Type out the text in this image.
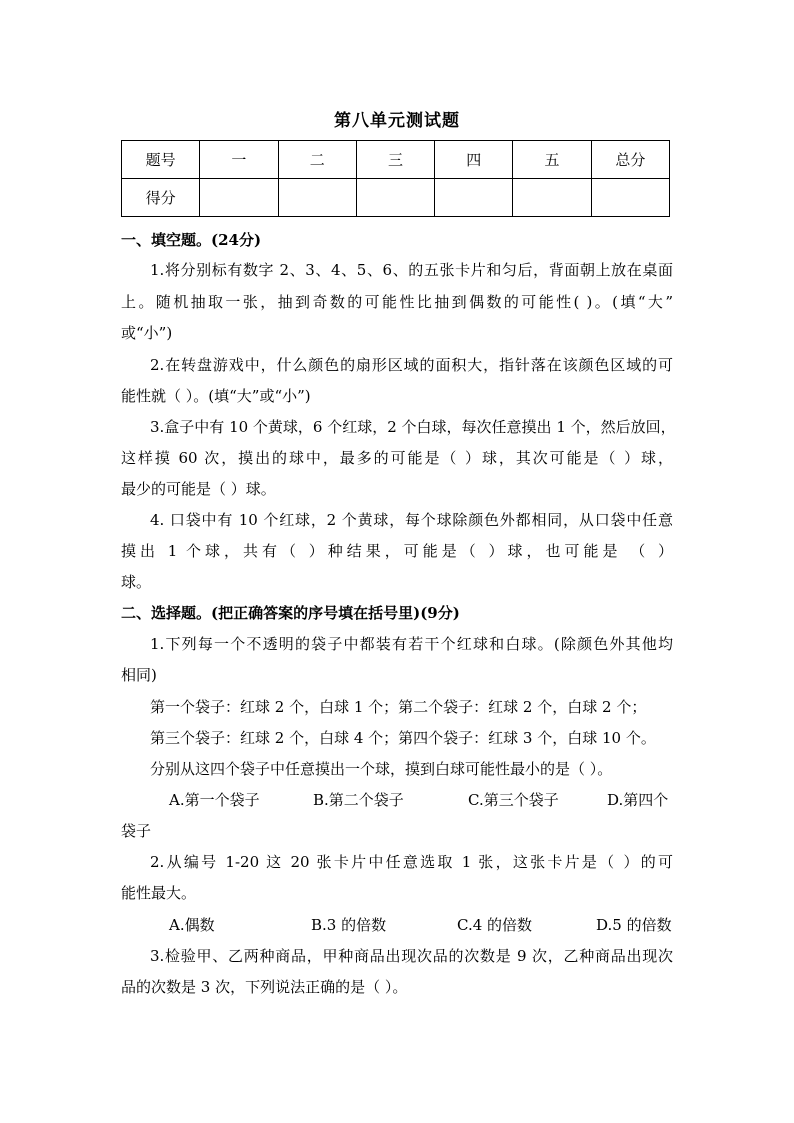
第八单元测试题
题号	一	二	三	四	五	总分
得分						
一、填空题。(24分)
1.将分别标有数字 2、3、4、5、6、的五张卡片和匀后，背面朝上放在桌面
上。随机抽取一张，抽到奇数的可能性比抽到偶数的可能性( )。(填“大”
或“小”)
2.在转盘游戏中，什么颜色的扇形区域的面积大，指针落在该颜色区域的可
能性就（ ）。(填“大”或“小”)
3.盒子中有 10 个黄球，6 个红球，2 个白球，每次任意摸出 1 个，然后放回，
这样摸 60 次，摸出的球中，最多的可能是（ ）球，其次可能是（ ）球，
最少的可能是（ ）球。
4. 口袋中有 10 个红球，2 个黄球，每个球除颜色外都相同，从口袋中任意
摸出 1 个球，共有（ ）种结果，可能是（ ）球，也可能是 （ ）
球。
二、选择题。(把正确答案的序号填在括号里)(9分)
1.下列每一个不透明的袋子中都装有若干个红球和白球。(除颜色外其他均
相同)
第一个袋子：红球 2 个，白球 1 个；第二个袋子：红球 2 个，白球 2 个；
第三个袋子：红球 2 个，白球 4 个；第四个袋子：红球 3 个，白球 10 个。
分别从这四个袋子中任意摸出一个球，摸到白球可能性最小的是（ ）。
A.第一个袋子	B.第二个袋子	C.第三个袋子	D.第四个
袋子
2.从编号 1-20 这 20 张卡片中任意选取 1 张，这张卡片是（ ）的可
能性最大。
A.偶数	B.3 的倍数	C.4 的倍数	D.5 的倍数
3.检验甲、乙两种商品，甲种商品出现次品的次数是 9 次，乙种商品出现次
品的次数是 3 次，下列说法正确的是（ ）。
